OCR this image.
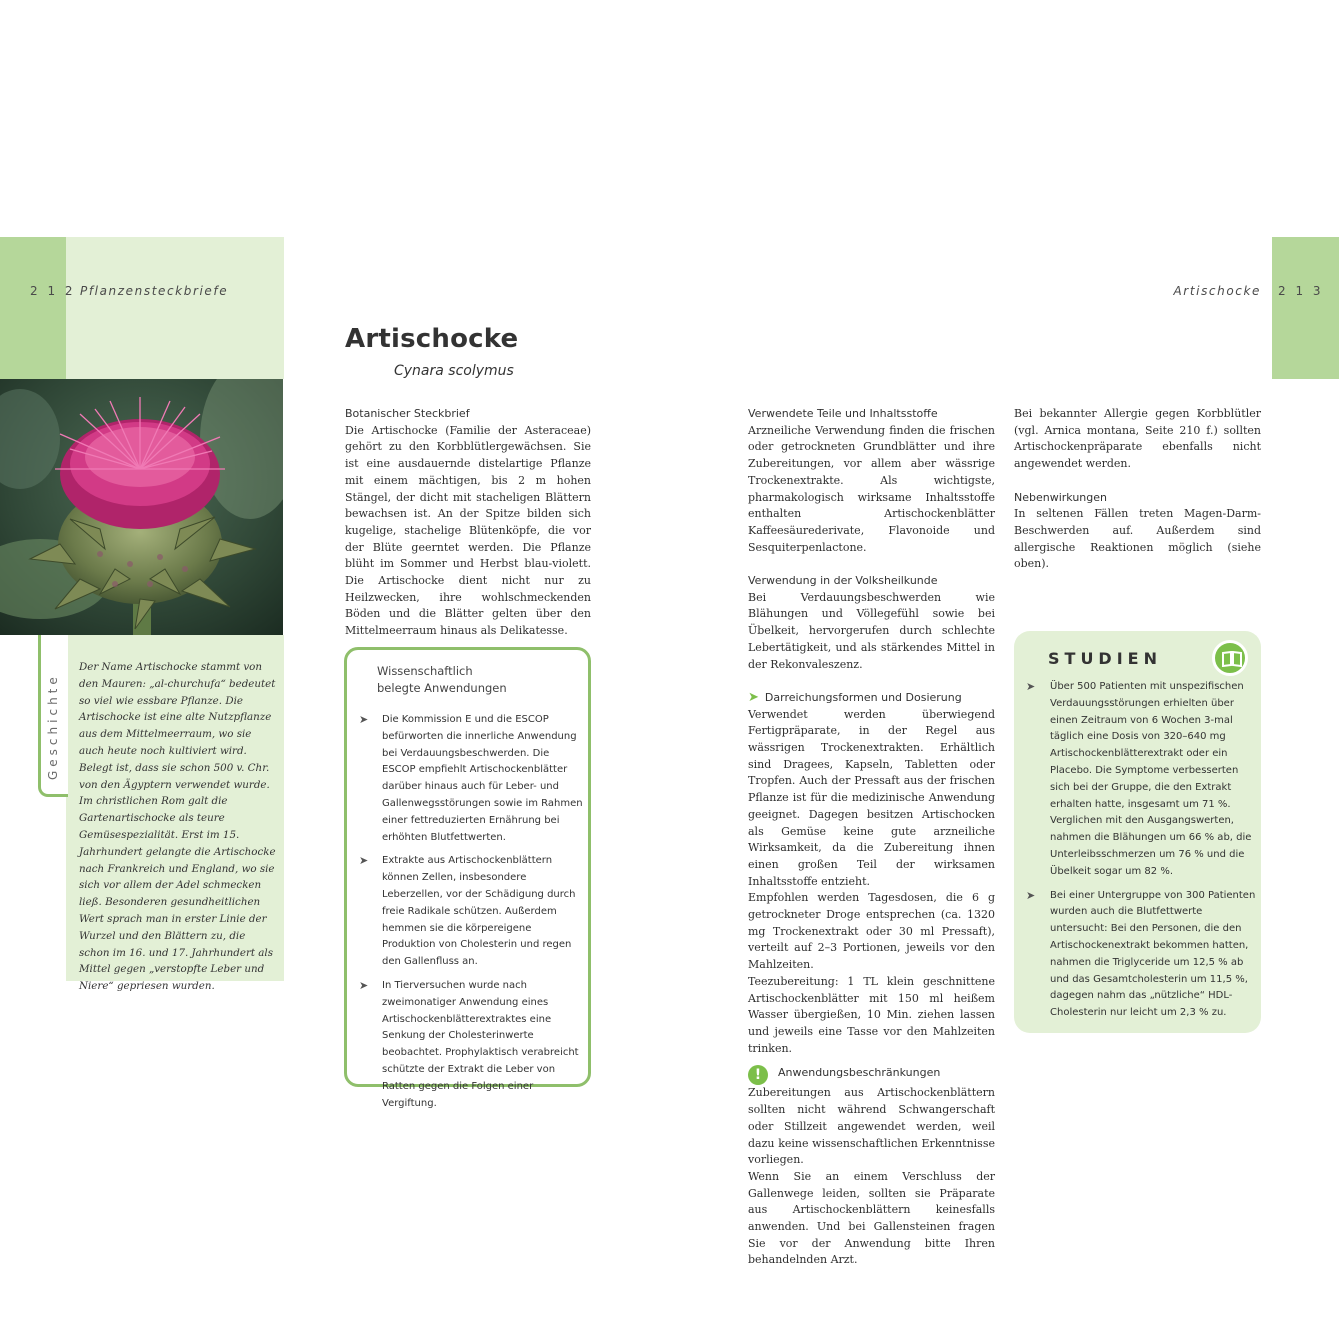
2 1 2 Pflanzensteckbriefe	Artischocke 2 1 3
Geschichte
Der Name Artischocke stammt von den Mauren: „al-churchufa“ bedeutet so viel wie essbare Pflanze. Die Artischocke ist eine alte Nutzpflanze aus dem Mittelmeerraum, wo sie auch heute noch kultiviert wird. Belegt ist, dass sie schon 500 v. Chr. von den Ägyptern verwendet wurde. Im christlichen Rom galt die Gartenartischocke als teure Gemüsespezialität. Erst im 15. Jahrhundert gelangte die Artischocke nach Frankreich und England, wo sie sich vor allem der Adel schmecken ließ. Besonderen gesundheitlichen Wert sprach man in erster Linie der Wurzel und den Blättern zu, die schon im 16. und 17. Jahrhundert als Mittel gegen „verstopfte Leber und Niere“ gepriesen wurden.
Artischocke
Cynara scolymus
Botanischer Steckbrief

Die Artischocke (Familie der Asteraceae) gehört zu den Korbblütlergewächsen. Sie ist eine ausdauernde distelartige Pflanze mit einem mächtigen, bis 2 m hohen Stängel, der dicht mit stacheligen Blättern bewachsen ist. An der Spitze bilden sich kugelige, stachelige Blütenköpfe, die vor der Blüte geerntet werden. Die Pflanze blüht im Sommer und Herbst blau-violett. Die Artischocke dient nicht nur zu Heilzwecken, ihre wohlschmeckenden Böden und die Blätter gelten über den Mittelmeerraum hinaus als Delikatesse.

Wissenschaftlich
belegte Anwendungen
➤ Die Kommission E und die ESCOP befürworten die innerliche Anwendung bei Verdauungsbeschwerden. Die ESCOP empfiehlt Artischockenblätter darüber hinaus auch für Leber- und Gallenwegsstörungen sowie im Rahmen einer fettreduzierten Ernährung bei erhöhten Blutfettwerten.
➤ Extrakte aus Artischockenblättern können Zellen, insbesondere Leberzellen, vor der Schädigung durch freie Radikale schützen. Außerdem hemmen sie die körpereigene Produktion von Cholesterin und regen den Gallenfluss an.
➤ In Tierversuchen wurde nach zweimonatiger Anwendung eines Artischockenblätterextraktes eine Senkung der Cholesterinwerte beobachtet. Prophylaktisch verabreicht schützte der Extrakt die Leber von Ratten gegen die Folgen einer Vergiftung.
Verwendete Teile und Inhaltsstoffe

Arzneiliche Verwendung finden die frischen oder getrockneten Grundblätter und ihre Zubereitungen, vor allem aber wässrige Trockenextrakte. Als wichtigste, pharmakologisch wirksame Inhaltsstoffe enthalten Artischockenblätter Kaffeesäurederivate, Flavonoide und Sesquiterpenlactone.

Verwendung in der Volksheilkunde

Bei Verdauungsbeschwerden wie Blähungen und Völlegefühl sowie bei Übelkeit, hervorgerufen durch schlechte Lebertätigkeit, und als stärkendes Mittel in der Rekonvaleszenz.

➤ Darreichungsformen und Dosierung

Verwendet werden überwiegend Fertigpräparate, in der Regel aus wässrigen Trockenextrakten. Erhältlich sind Dragees, Kapseln, Tabletten oder Tropfen. Auch der Pressaft aus der frischen Pflanze ist für die medizinische Anwendung geeignet. Dagegen besitzen Artischocken als Gemüse keine gute arzneiliche Wirksamkeit, da die Zubereitung ihnen einen großen Teil der wirksamen Inhaltsstoffe entzieht.

Empfohlen werden Tagesdosen, die 6 g getrockneter Droge entsprechen (ca. 1320 mg Trockenextrakt oder 30 ml Pressaft), verteilt auf 2–3 Portionen, jeweils vor den Mahlzeiten.

Teezubereitung: 1 TL klein geschnittene Artischockenblätter mit 150 ml heißem Wasser übergießen, 10 Min. ziehen lassen und jeweils eine Tasse vor den Mahlzeiten trinken.

! Anwendungsbeschränkungen

Zubereitungen aus Artischockenblättern sollten nicht während Schwangerschaft oder Stillzeit angewendet werden, weil dazu keine wissenschaftlichen Erkenntnisse vorliegen.

Wenn Sie an einem Verschluss der Gallenwege leiden, sollten sie Präparate aus Artischockenblättern keinesfalls anwenden. Und bei Gallensteinen fragen Sie vor der Anwendung bitte Ihren behandelnden Arzt.

Bei bekannter Allergie gegen Korbblütler (vgl. Arnica montana, Seite 210 f.) sollten Artischockenpräparate ebenfalls nicht angewendet werden.

Nebenwirkungen

In seltenen Fällen treten Magen-Darm-Beschwerden auf. Außerdem sind allergische Reaktionen möglich (siehe oben).

STUDIEN
➤ Über 500 Patienten mit unspezifischen Verdauungsstörungen erhielten über einen Zeitraum von 6 Wochen 3-mal täglich eine Dosis von 320–640 mg Artischockenblätterextrakt oder ein Placebo. Die Symptome verbesserten sich bei der Gruppe, die den Extrakt erhalten hatte, insgesamt um 71 %. Verglichen mit den Ausgangswerten, nahmen die Blähungen um 66 % ab, die Unterleibsschmerzen um 76 % und die Übelkeit sogar um 82 %.
➤ Bei einer Untergruppe von 300 Patienten wurden auch die Blutfettwerte untersucht: Bei den Personen, die den Artischockenextrakt bekommen hatten, nahmen die Triglyceride um 12,5 % ab und das Gesamtcholesterin um 11,5 %, dagegen nahm das „nützliche“ HDL-Cholesterin nur leicht um 2,3 % zu.
